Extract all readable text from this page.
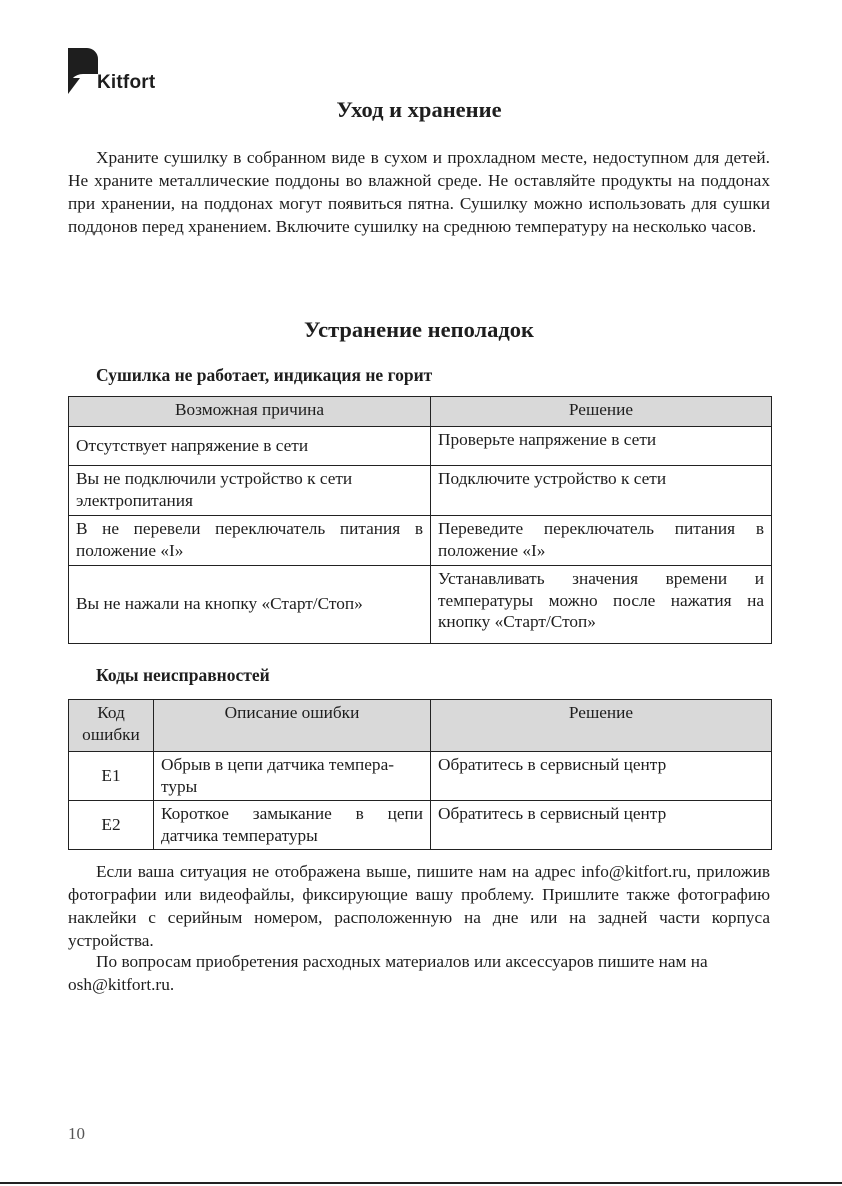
Kitfort
Уход и хранение

Храните сушилку в собранном виде в сухом и прохладном месте, недоступном для детей. Не храните металлические поддоны во влажной среде. Не оставляйте продукты на поддонах при хранении, на поддонах могут появиться пятна. Сушилку можно использовать для сушки поддонов перед хранением. Включите сушилку на среднюю температуру на несколько часов.

Устранение неполадок
Сушилка не работает, индикация не горит
Возможная причина	Решение
Отсутствует напряжение в сети	Проверьте напряжение в сети
Вы не подключили устройство к сети электропитания	Подключите устройство к сети
В не перевели переключатель питания в положение «I»	Переведите переключатель питания в положение «I»
Вы не нажали на кнопку «Старт/Стоп»	Устанавливать значения времени и температуры можно после нажатия на кнопку «Старт/Стоп»
Коды неисправностей
Код ошибки	Описание ошибки	Решение
E1	Обрыв в цепи датчика темпера-туры	Обратитесь в сервисный центр
E2	Короткое замыкание в цепи датчика температуры	Обратитесь в сервисный центр

Если ваша ситуация не отображена выше, пишите нам на адрес info@kitfort.ru, приложив фотографии или видеофайлы, фиксирующие вашу проблему. Пришлите также фотографию наклейки с серийным номером, расположенную на дне или на задней части корпуса устройства.

По вопросам приобретения расходных материалов или аксессуаров пишите нам на osh@kitfort.ru.

10
